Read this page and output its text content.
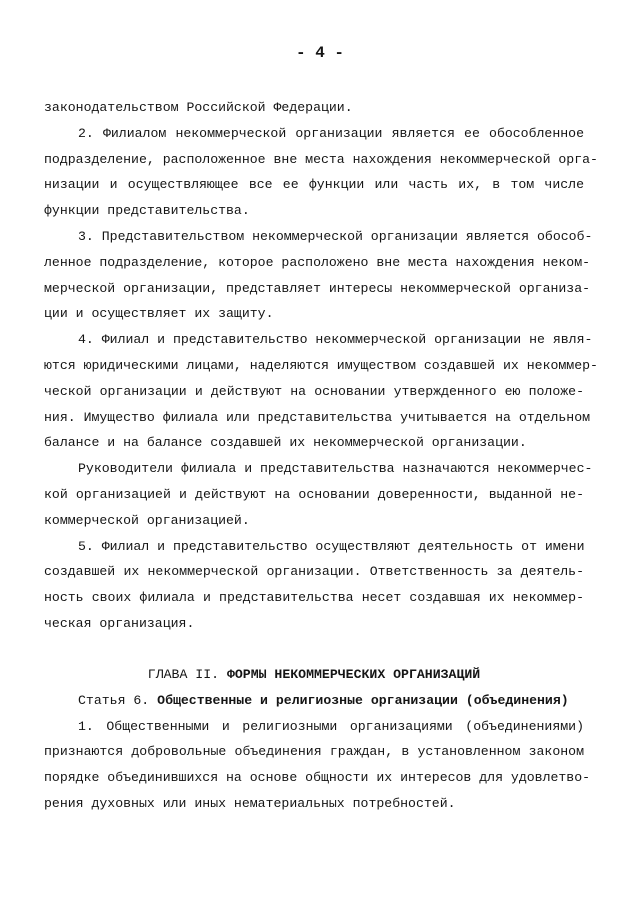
- 4 -
законодательством Российской Федерации.
2. Филиалом некоммерческой организации является ее обособленное
подразделение, расположенное вне места нахождения некоммерческой орга-
низации и осуществляющее все ее функции или часть их, в том числе
функции представительства.
3. Представительством некоммерческой организации является обособ-
ленное подразделение, которое расположено вне места нахождения неком-
мерческой организации, представляет интересы некоммерческой организа-
ции и осуществляет их защиту.
4. Филиал и представительство некоммерческой организации не явля-
ются юридическими лицами, наделяются имуществом создавшей их некоммер-
ческой организации и действуют на основании утвержденного ею положе-
ния. Имущество филиала или представительства учитывается на отдельном
балансе и на балансе создавшей их некоммерческой организации.
Руководители филиала и представительства назначаются некоммерчес-
кой организацией и действуют на основании доверенности, выданной не-
коммерческой организацией.
5. Филиал и представительство осуществляют деятельность от имени
создавшей их некоммерческой организации. Ответственность за деятель-
ность своих филиала и представительства несет создавшая их некоммер-
ческая организация.
ГЛАВА II. ФОРМЫ НЕКОММЕРЧЕСКИХ ОРГАНИЗАЦИЙ
Статья 6. Общественные и религиозные организации (объединения)
1. Общественными и религиозными организациями (объединениями)
признаются добровольные объединения граждан, в установленном законом
порядке объединившихся на основе общности их интересов для удовлетво-
рения духовных или иных нематериальных потребностей.
